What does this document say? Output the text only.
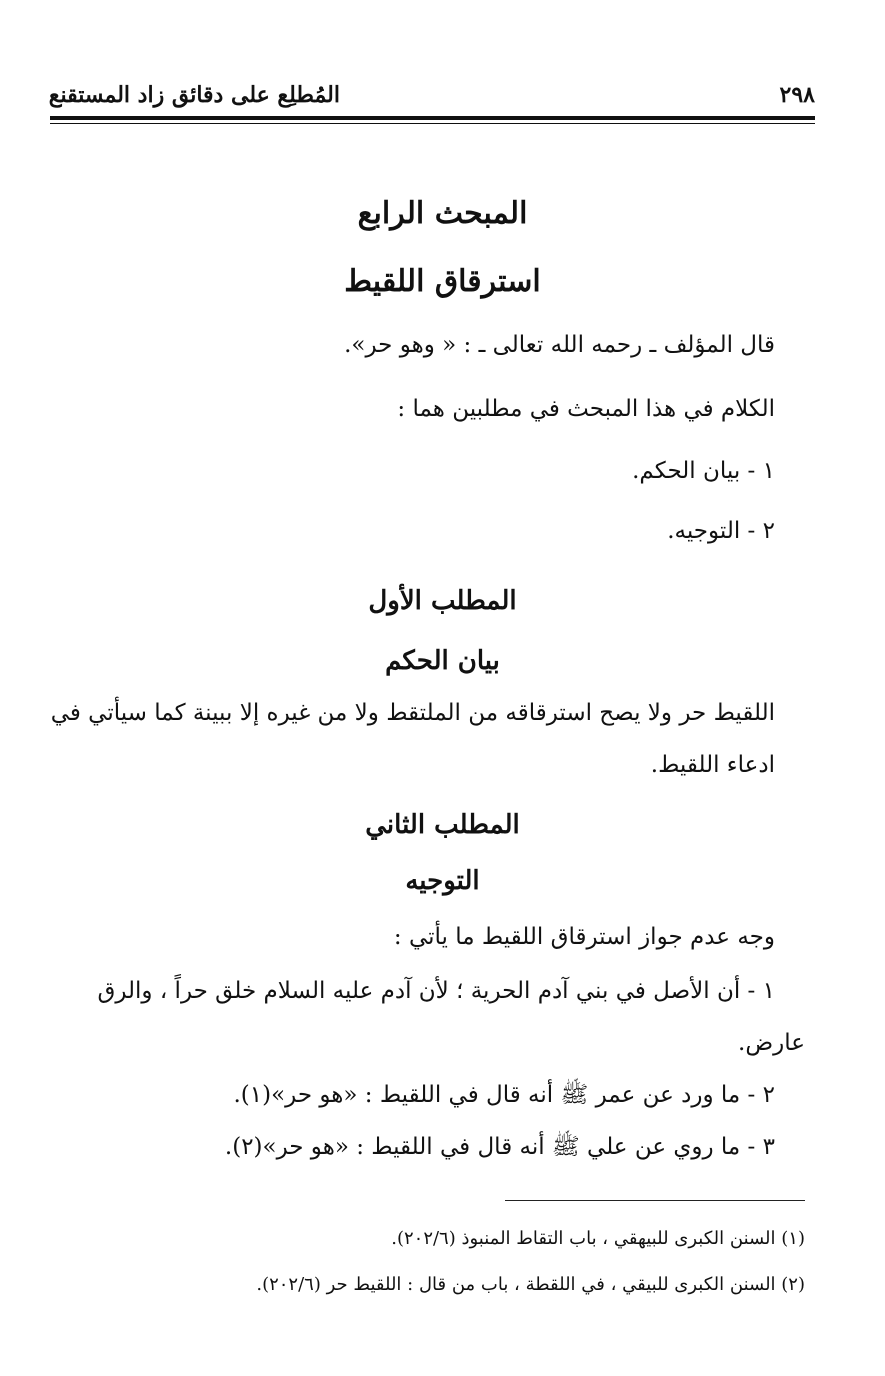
المُطلِع على دقائق زاد المستقنع	٢٩٨
المبحث الرابع
استرقاق اللقيط
قال المؤلف ـ رحمه الله تعالى ـ : « وهو حر».
الكلام في هذا المبحث في مطلبين هما :
١ - بيان الحكم.
٢ - التوجيه.
المطلب الأول
بيان الحكم
اللقيط حر ولا يصح استرقاقه من الملتقط ولا من غيره إلا ببينة كما سيأتي في
ادعاء اللقيط.
المطلب الثاني
التوجيه
وجه عدم جواز استرقاق اللقيط ما يأتي :
١ - أن الأصل في بني آدم الحرية ؛ لأن آدم عليه السلام خلق حراً ، والرق
عارض.
٢ - ما ورد عن عمر ﷺ أنه قال في اللقيط : «هو حر»(١).
٣ - ما روي عن علي ﷺ أنه قال في اللقيط : «هو حر»(٢).
(١) السنن الكبرى للبيهقي ، باب التقاط المنبوذ (٢٠٢/٦).
(٢) السنن الكبرى للبيقي ، في اللقطة ، باب من قال : اللقيط حر (٢٠٢/٦).
